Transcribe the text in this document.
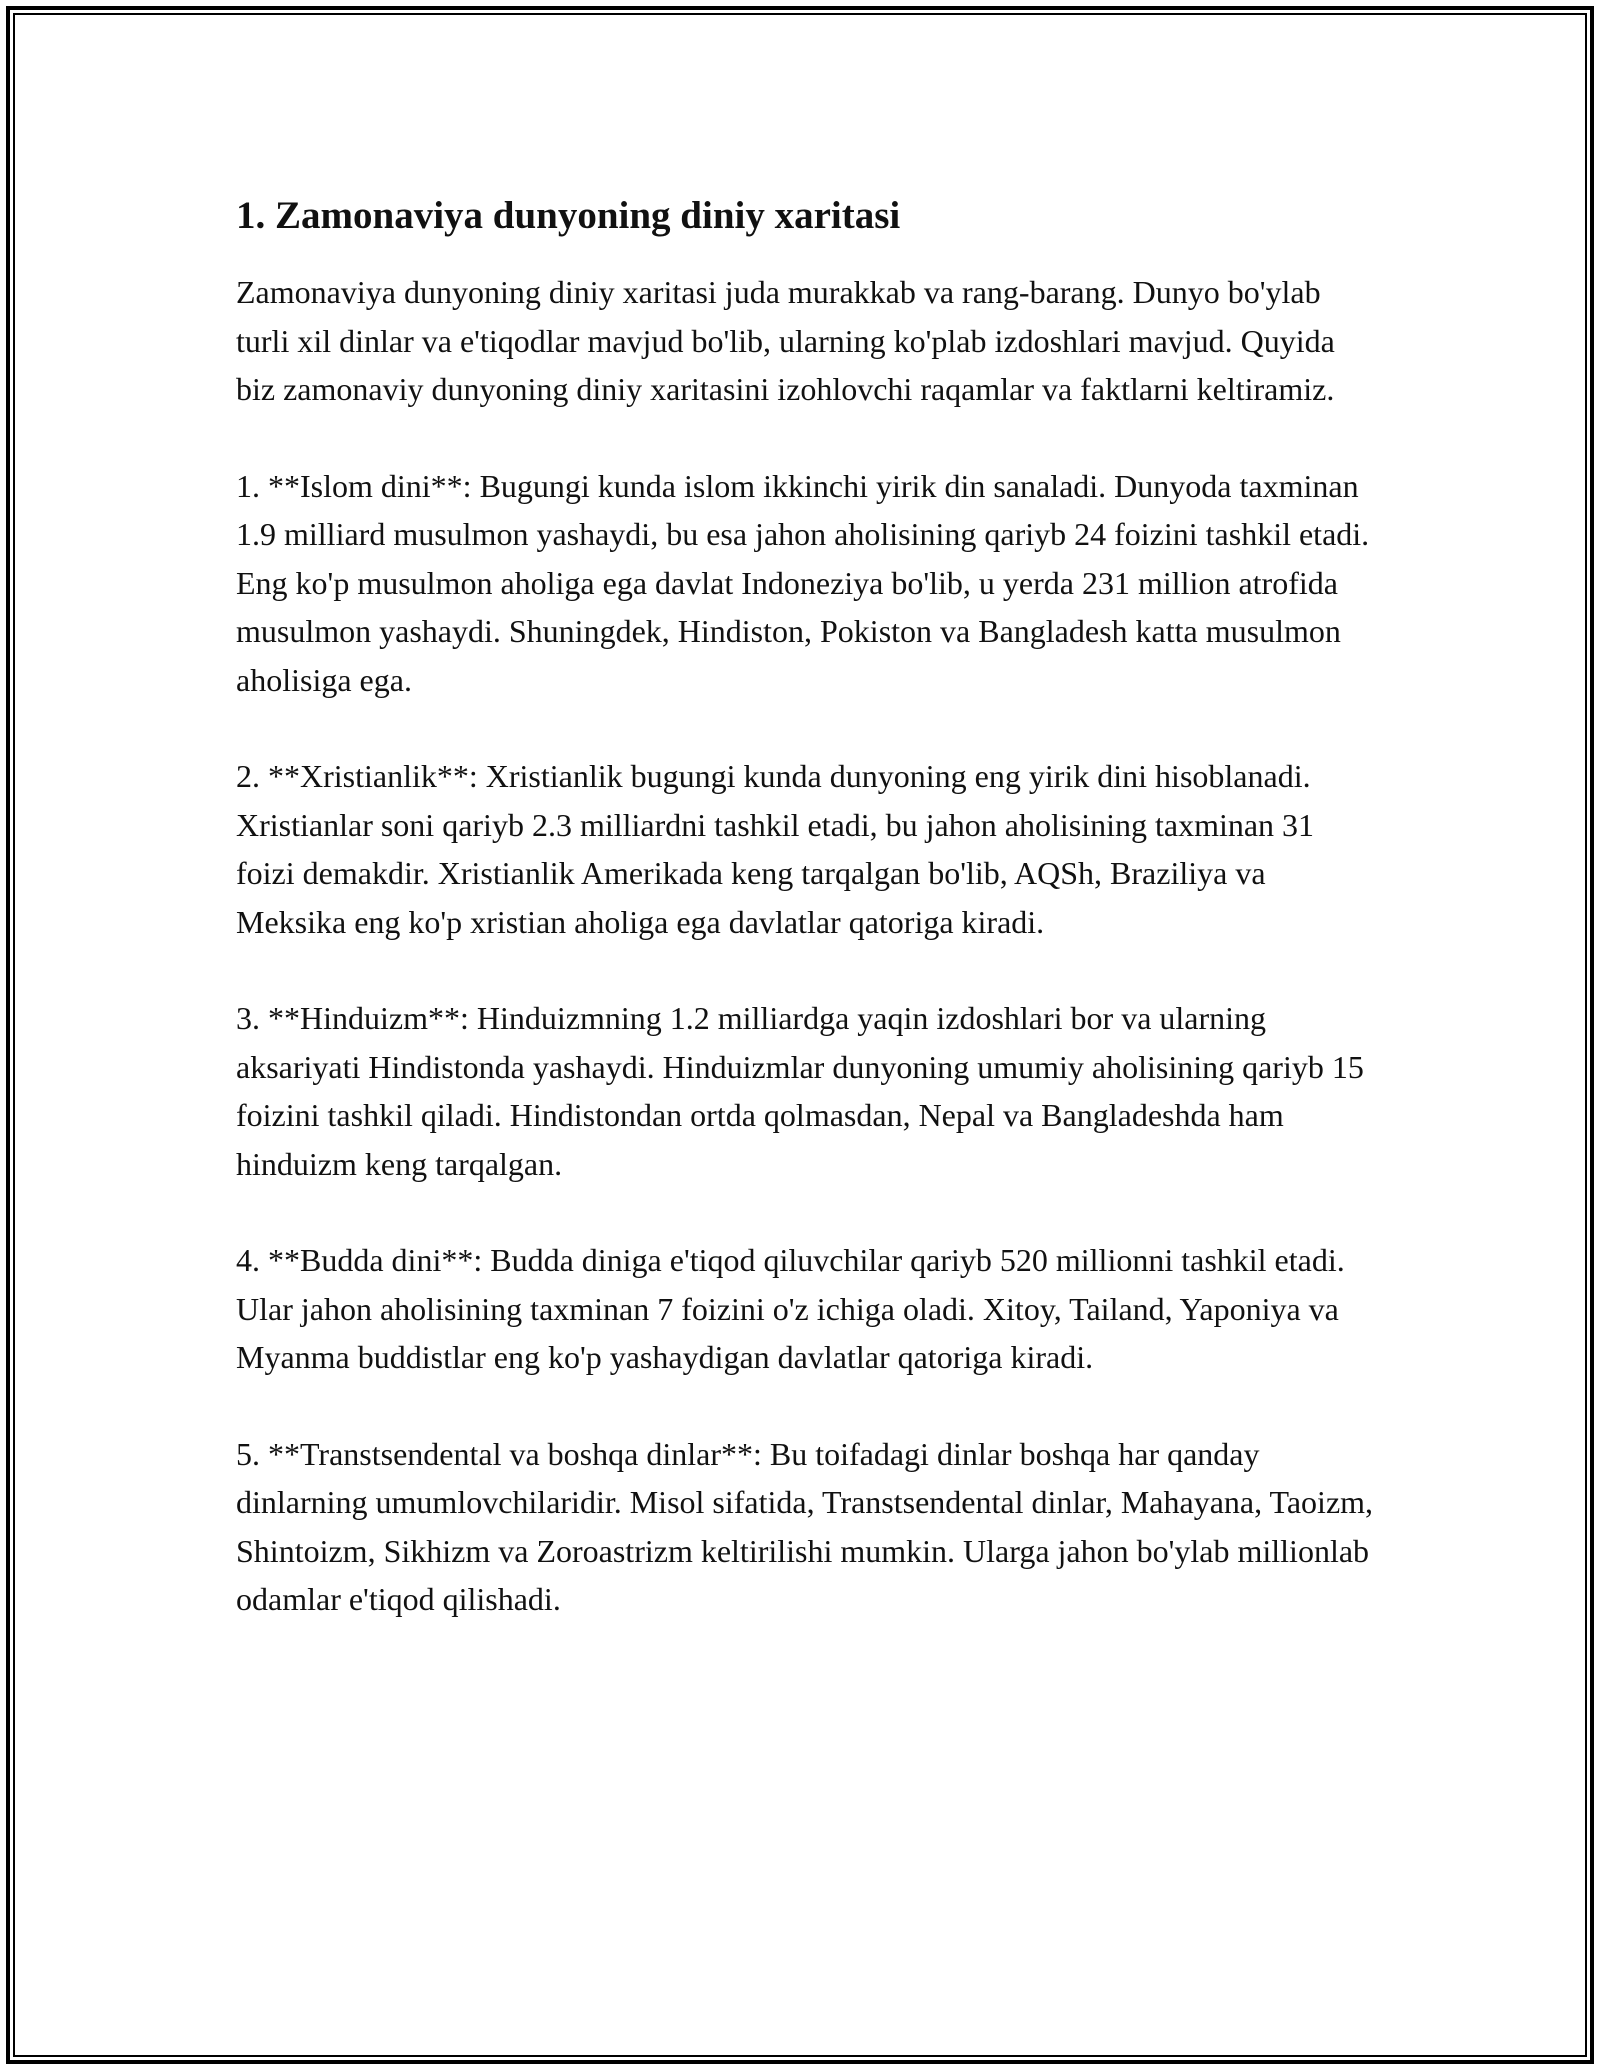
1. Zamonaviya dunyoning diniy xaritasi

Zamonaviya dunyoning diniy xaritasi juda murakkab va rang-barang. Dunyo bo'ylab turli xil dinlar va e'tiqodlar mavjud bo'lib, ularning ko'plab izdoshlari mavjud. Quyida biz zamonaviy dunyoning diniy xaritasini izohlovchi raqamlar va faktlarni keltiramiz.

1. **Islom dini**: Bugungi kunda islom ikkinchi yirik din sanaladi. Dunyoda taxminan 1.9 milliard musulmon yashaydi, bu esa jahon aholisining qariyb 24 foizini tashkil etadi. Eng ko'p musulmon aholiga ega davlat Indoneziya bo'lib, u yerda 231 million atrofida musulmon yashaydi. Shuningdek, Hindiston, Pokiston va Bangladesh katta musulmon aholisiga ega.

2. **Xristianlik**: Xristianlik bugungi kunda dunyoning eng yirik dini hisoblanadi. Xristianlar soni qariyb 2.3 milliardni tashkil etadi, bu jahon aholisining taxminan 31 foizi demakdir. Xristianlik Amerikada keng tarqalgan bo'lib, AQSh, Braziliya va Meksika eng ko'p xristian aholiga ega davlatlar qatoriga kiradi.

3. **Hinduizm**: Hinduizmning 1.2 milliardga yaqin izdoshlari bor va ularning aksariyati Hindistonda yashaydi. Hinduizmlar dunyoning umumiy aholisining qariyb 15 foizini tashkil qiladi. Hindistondan ortda qolmasdan, Nepal va Bangladeshda ham hinduizm keng tarqalgan.

4. **Budda dini**: Budda diniga e'tiqod qiluvchilar qariyb 520 millionni tashkil etadi. Ular jahon aholisining taxminan 7 foizini o'z ichiga oladi. Xitoy, Tailand, Yaponiya va Myanma buddistlar eng ko'p yashaydigan davlatlar qatoriga kiradi.

5. **Transtsendental va boshqa dinlar**: Bu toifadagi dinlar boshqa har qanday dinlarning umumlovchilaridir. Misol sifatida, Transtsendental dinlar, Mahayana, Taoizm, Shintoizm, Sikhizm va Zoroastrizm keltirilishi mumkin. Ularga jahon bo'ylab millionlab odamlar e'tiqod qilishadi.
